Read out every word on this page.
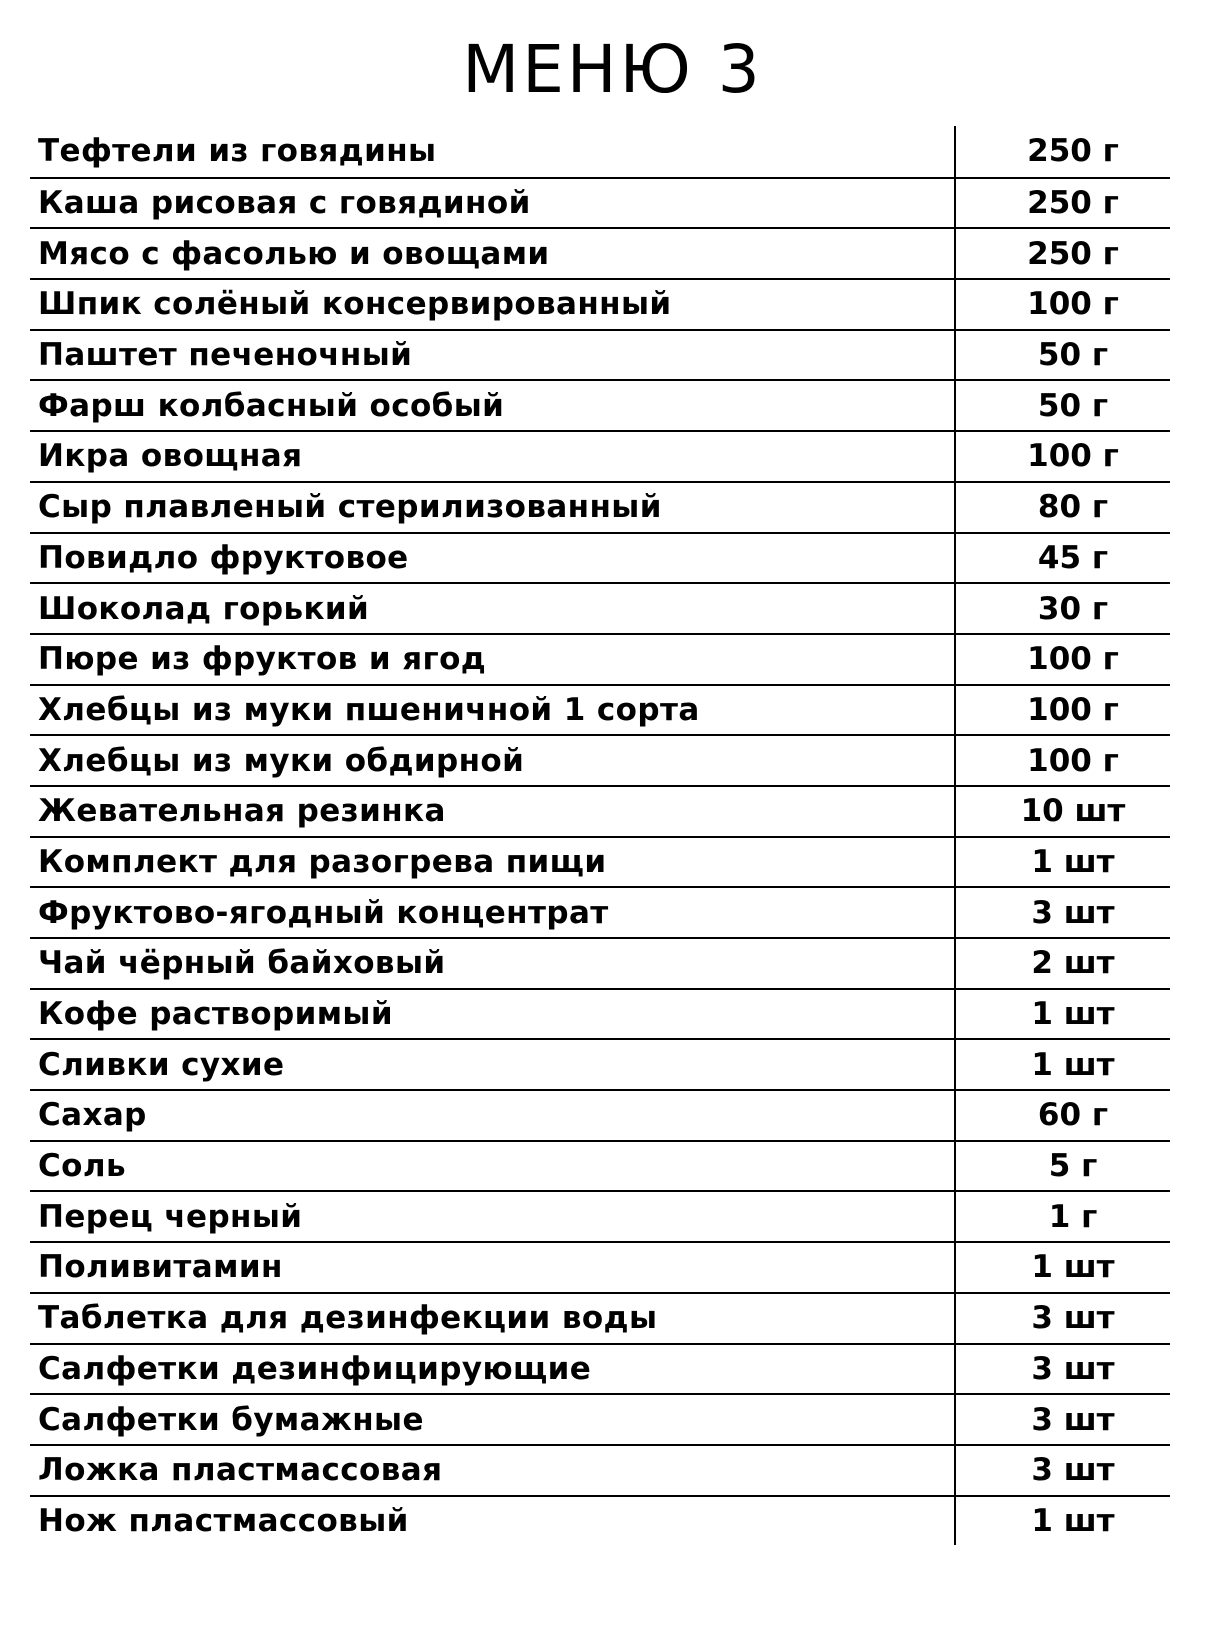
МЕНЮ 3
Тефтели из говядины	250 г
Каша рисовая с говядиной	250 г
Мясо с фасолью и овощами	250 г
Шпик солёный консервированный	100 г
Паштет печеночный	50 г
Фарш колбасный особый	50 г
Икра овощная	100 г
Сыр плавленый стерилизованный	80 г
Повидло фруктовое	45 г
Шоколад горький	30 г
Пюре из фруктов и ягод	100 г
Хлебцы из муки пшеничной 1 сорта	100 г
Хлебцы из муки обдирной	100 г
Жевательная резинка	10 шт
Комплект для разогрева пищи	1 шт
Фруктово-ягодный концентрат	3 шт
Чай чёрный байховый	2 шт
Кофе растворимый	1 шт
Сливки сухие	1 шт
Сахар	60 г
Соль	5 г
Перец черный	1 г
Поливитамин	1 шт
Таблетка для дезинфекции воды	3 шт
Салфетки дезинфицирующие	3 шт
Салфетки бумажные	3 шт
Ложка пластмассовая	3 шт
Нож пластмассовый	1 шт
